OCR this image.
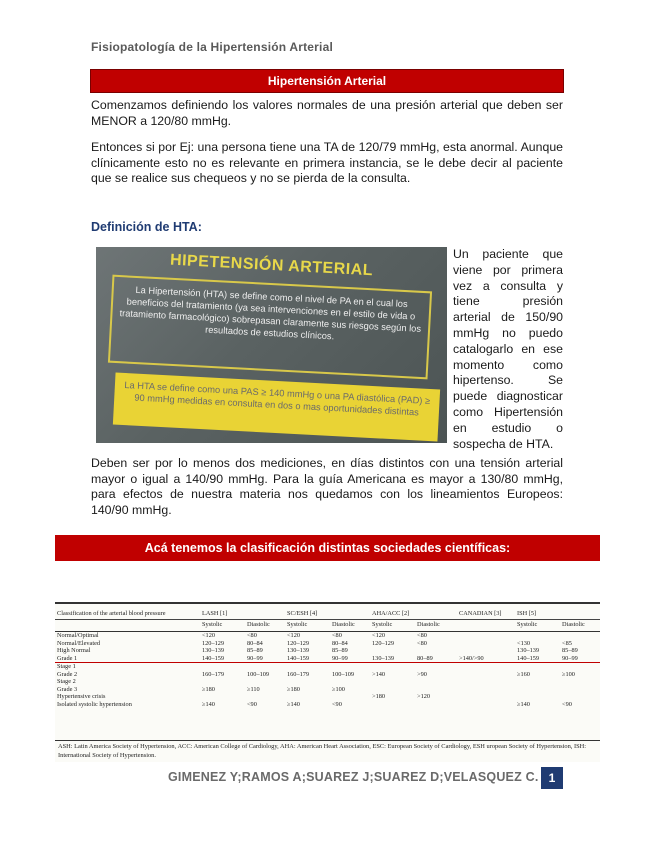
Fisiopatología de la Hipertensión Arterial
Hipertensión Arterial

Comenzamos definiendo los valores normales de una presión arterial que deben ser MENOR a 120/80 mmHg.

Entonces si por Ej: una persona tiene una TA de 120/79 mmHg, esta anormal. Aunque clínicamente esto no es relevante en primera instancia, se le debe decir al paciente que se realice sus chequeos y no se pierda de la consulta.

Definición de HTA:
HIPETENSIÓN ARTERIAL
La Hipertensión (HTA) se define como el nivel de PA en el cual los beneficios del tratamiento (ya sea intervenciones en el estilo de vida o tratamiento farmacológico) sobrepasan claramente sus riesgos según los resultados de estudios clínicos.
La HTA se define como una PAS ≥ 140 mmHg o una PA diastólica (PAD) ≥ 90 mmHg medidas en consulta en dos o mas oportunidades distintas

Un paciente que viene por primera vez a consulta y tiene presión arterial de 150/90 mmHg no puedo catalogarlo en ese momento como hipertenso. Se puede diagnosticar como Hipertensión en estudio o sospecha de HTA.

Deben ser por lo menos dos mediciones, en días distintos con una tensión arterial mayor o igual a 140/90 mmHg. Para la guía Americana es mayor a 130/80 mmHg, para efectos de nuestra materia nos quedamos con los lineamientos Europeos: 140/90 mmHg.

Acá tenemos la clasificación distintas sociedades científicas:
Classification of the arterial blood pressure	LASH [1]		SC/ESH [4]		AHA/ACC [2]		CANADIAN [3]		ISH [5]	
	Systolic	Diastolic	Systolic	Diastolic	Systolic	Diastolic			Systolic	Diastolic
Normal/Optimal	<120	<80	<120	<80	<120	<80				
Normal/Elevated	120–129	80–84	120–129	80–84	120–129	<80			<130	<85
High Normal	130–139	85–89	130–139	85–89					130–139	85–89
Grade 1	140–159	90–99	140–159	90–99	130–139	80–89	>140/>90		140–159	90–99
Stage 1										
Grade 2	160–179	100–109	160–179	100–109	>140	>90			≥160	≥100
Stage 2										
Grade 3	≥180	≥110	≥180	≥100						
Hypertensive crisis					>180	>120				
Isolated systolic hypertension	≥140	<90	≥140	<90					≥140	<90
ASH: Latin America Society of Hypertension, ACC: American College of Cardiology, AHA: American Heart Association, ESC: European Society of Cardiology, ESH uropean Society of Hypertension, ISH: International Society of Hypertension.
GIMENEZ Y;RAMOS A;SUAREZ J;SUAREZ D;VELASQUEZ C. 1
